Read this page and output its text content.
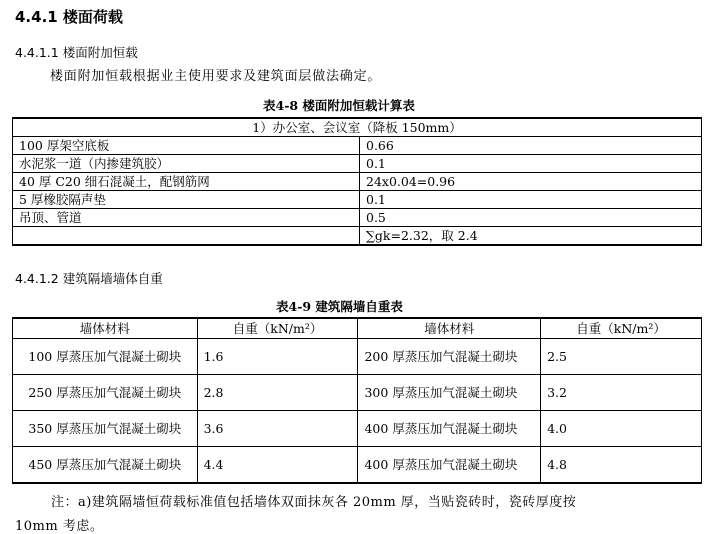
4.4.1 楼面荷载
4.4.1.1 楼面附加恒载
楼面附加恒载根据业主使用要求及建筑面层做法确定。
表4-8 楼面附加恒载计算表
1）办公室、会议室（降板 150mm）	
100 厚架空底板	0.66
水泥浆一道（内掺建筑胶）	0.1
40 厚 C20 细石混凝土，配钢筋网	24x0.04=0.96
5 厚橡胶隔声垫	0.1
吊顶、管道	0.5
	∑gk=2.32，取 2.4
4.4.1.2 建筑隔墙墙体自重
表4-9 建筑隔墙自重表
墙体材料	自重（kN/m²）	墙体材料	自重（kN/m²）
100 厚蒸压加气混凝土砌块	1.6	200 厚蒸压加气混凝土砌块	2.5
250 厚蒸压加气混凝土砌块	2.8	300 厚蒸压加气混凝土砌块	3.2
350 厚蒸压加气混凝土砌块	3.6	400 厚蒸压加气混凝土砌块	4.0
450 厚蒸压加气混凝土砌块	4.4	400 厚蒸压加气混凝土砌块	4.8
注：a)建筑隔墙恒荷载标准值包括墙体双面抹灰各 20mm 厚，当贴瓷砖时，瓷砖厚度按
10mm 考虑。
